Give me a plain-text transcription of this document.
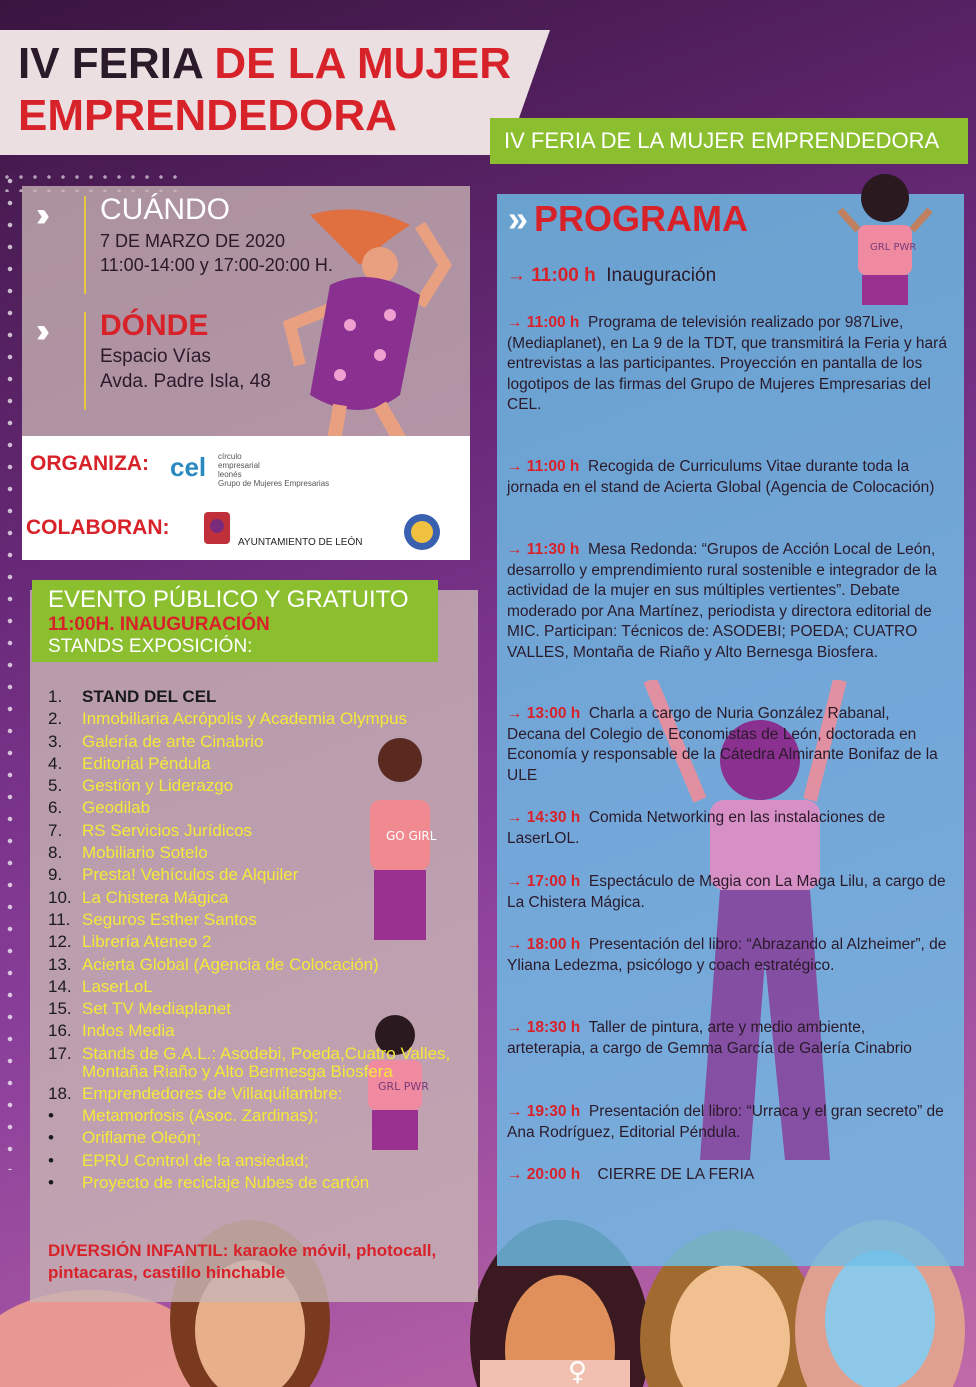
♀
IV FERIA DE LA MUJER
EMPRENDEDORA
IV FERIA DE LA MUJER EMPRENDEDORA
››› CUÁNDO
7 DE MARZO DE 2020
11:00-14:00 y 17:00-20:00 H.
››› DÓNDE
Espacio Vías
Avda. Padre Isla, 48
ORGANIZA: cel círculo
empresarial
leonés
Grupo de Mujeres Empresarias
COLABORAN:
AYUNTAMIENTO DE LEÓN
EVENTO PÚBLICO Y GRATUITO
11:00H. INAUGURACIÓN
STANDS EXPOSICIÓN:
GO GIRL
GRL PWR
1.	STAND DEL CEL
2.	Inmobiliaria Acrópolis y Academia Olympus
3.	Galería de arte Cinabrio
4.	Editorial Péndula
5.	Gestión y Liderazgo
6.	Geodilab
7.	RS Servicios Jurídicos
8.	Mobiliario Sotelo
9.	Presta! Vehículos de Alquiler
10. La Chistera Mágica
11. Seguros Esther Santos
12. Librería Ateneo 2
13. Acierta Global (Agencia de Colocación)
14. LaserLoL
15. Set TV Mediaplanet
16. Indos Media
17. Stands de G.A.L.: Asodebi, Poeda,Cuatro Valles, Montaña Riaño y Alto Bermesga Biosfera
18. Emprendedores de Villaquilambre:
•	Metamorfosis (Asoc. Zardinas);
•	Oriflame Oleón;
•	EPRU Control de la ansiedad;
•	Proyecto de reciclaje Nubes de cartón
DIVERSIÓN INFANTIL: karaoke móvil, photocall, pintacaras, castillo hinchable
» PROGRAMA
GRL PWR
→ 11:00 h Inauguración
→ 11:00 h Programa de televisión realizado por 987Live, (Mediaplanet), en La 9 de la TDT, que transmitirá la Feria y hará entrevistas a las participantes. Proyección en pantalla de los logotipos de las firmas del Grupo de Mujeres Empresarias del CEL.
→ 11:00 h Recogida de Curriculums Vitae durante toda la jornada en el stand de Acierta Global (Agencia de Colocación)
→ 11:30 h Mesa Redonda: “Grupos de Acción Local de León, desarrollo y emprendimiento rural sostenible e integrador de la actividad de la mujer en sus múltiples vertientes”. Debate moderado por Ana Martínez, periodista y directora editorial de MIC. Participan: Técnicos de: ASODEBI; POEDA; CUATRO VALLES, Montaña de Riaño y Alto Bernesga Biosfera.
→ 13:00 h Charla a cargo de Nuria González Rabanal, Decana del Colegio de Economistas de León, doctorada en Economía y responsable de la Cátedra Almirante Bonifaz de la ULE
→ 14:30 h Comida Networking en las instalaciones de LaserLOL.
→ 17:00 h Espectáculo de Magia con La Maga Lilu, a cargo de La Chistera Mágica.
→ 18:00 h Presentación del libro: “Abrazando al Alzheimer”, de Yliana Ledezma, psicólogo y coach estratégico.
→ 18:30 h Taller de pintura, arte y medio ambiente, arteterapia, a cargo de Gemma García de Galería Cinabrio
→ 19:30 h Presentación del libro: “Urraca y el gran secreto” de Ana Rodríguez, Editorial Péndula.
→ 20:00 h CIERRE DE LA FERIA
